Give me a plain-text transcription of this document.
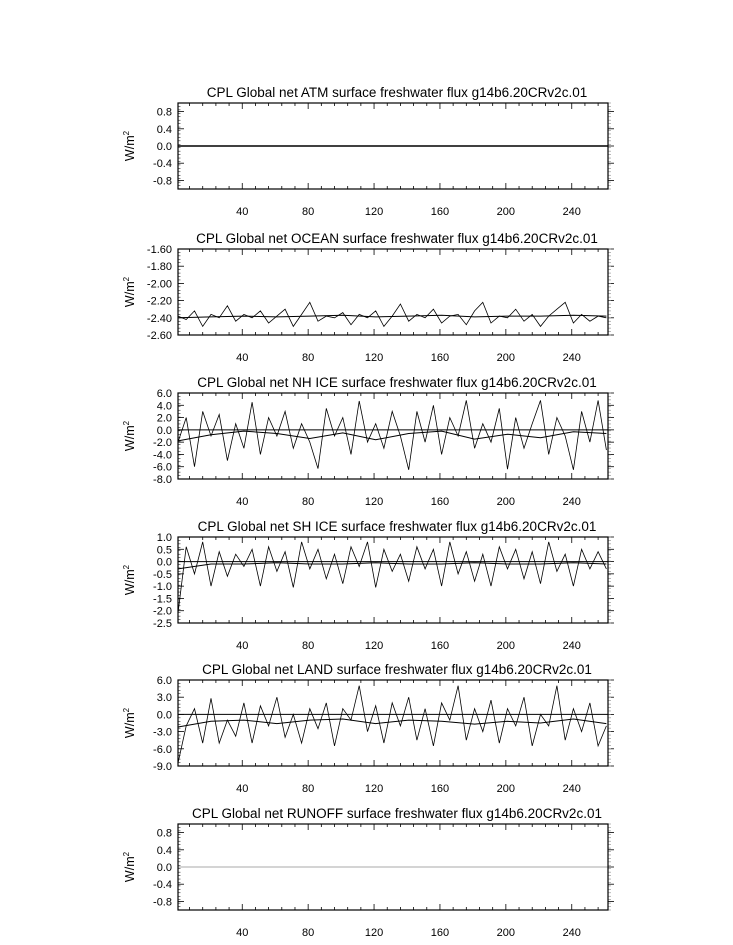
CPL Global net ATM surface freshwater flux g14b6.20CRv2c.01
$W/m^2$
40	80	120	160	200	240
0.8
0.4
0.0
-0.4
-0.8
CPL Global net OCEAN surface freshwater flux g14b6.20CRv2c.01
$W/m^2$
40	80	120	160	200	240
-1.60
-1.80
-2.00
-2.20
-2.40
-2.60
CPL Global net NH ICE surface freshwater flux g14b6.20CRv2c.01
$W/m^2$
40	80	120	160	200	240
6.0
4.0
2.0
0.0
-2.0
-4.0
-6.0
-8.0
CPL Global net SH ICE surface freshwater flux g14b6.20CRv2c.01
$W/m^2$
40	80	120	160	200	240
1.0
0.5
0.0
-0.5
-1.0
-1.5
-2.0
-2.5
CPL Global net LAND surface freshwater flux g14b6.20CRv2c.01
$W/m^2$
40	80	120	160	200	240
6.0
3.0
0.0
-3.0
-6.0
-9.0
CPL Global net RUNOFF surface freshwater flux g14b6.20CRv2c.01
$W/m^2$
40	80	120	160	200	240
0.8
0.4
0.0
-0.4
-0.8
